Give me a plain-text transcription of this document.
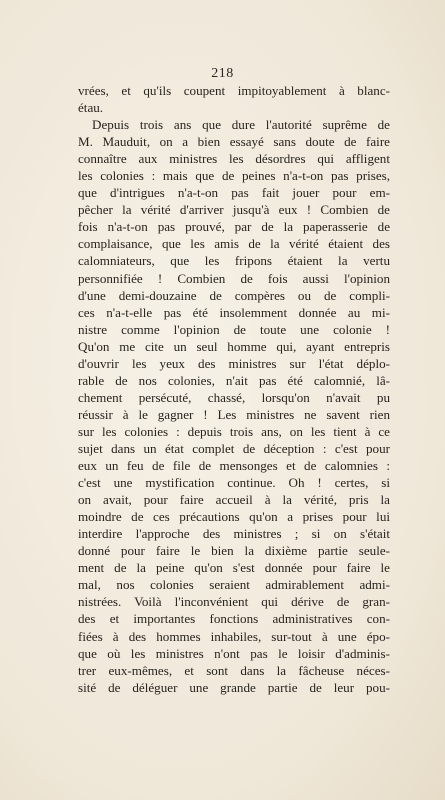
218
vrées, et qu'ils coupent impitoyablement à blanc-
étau.
Depuis trois ans que dure l'autorité suprême de
M. Mauduit, on a bien essayé sans doute de faire
connaître aux ministres les désordres qui affligent
les colonies : mais que de peines n'a-t-on pas prises,
que d'intrigues n'a-t-on pas fait jouer pour em-
pêcher la vérité d'arriver jusqu'à eux ! Combien de
fois n'a-t-on pas prouvé, par de la paperasserie de
complaisance, que les amis de la vérité étaient des
calomniateurs, que les fripons étaient la vertu
personnifiée ! Combien de fois aussi l'opinion
d'une demi-douzaine de compères ou de compli-
ces n'a-t-elle pas été insolemment donnée au mi-
nistre comme l'opinion de toute une colonie !
Qu'on me cite un seul homme qui, ayant entrepris
d'ouvrir les yeux des ministres sur l'état déplo-
rable de nos colonies, n'ait pas été calomnié, lâ-
chement persécuté, chassé, lorsqu'on n'avait pu
réussir à le gagner ! Les ministres ne savent rien
sur les colonies : depuis trois ans, on les tient à ce
sujet dans un état complet de déception : c'est pour
eux un feu de file de mensonges et de calomnies :
c'est une mystification continue. Oh ! certes, si
on avait, pour faire accueil à la vérité, pris la
moindre de ces précautions qu'on a prises pour lui
interdire l'approche des ministres ; si on s'était
donné pour faire le bien la dixième partie seule-
ment de la peine qu'on s'est donnée pour faire le
mal, nos colonies seraient admirablement admi-
nistrées. Voilà l'inconvénient qui dérive de gran-
des et importantes fonctions administratives con-
fiées à des hommes inhabiles, sur-tout à une épo-
que où les ministres n'ont pas le loisir d'adminis-
trer eux-mêmes, et sont dans la fâcheuse néces-
sité de déléguer une grande partie de leur pou-
